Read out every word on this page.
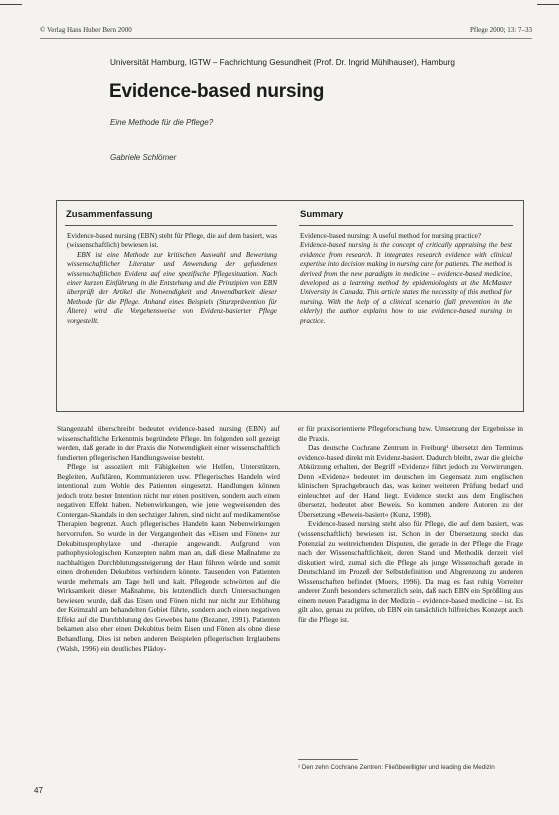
© Verlag Hans Huber Bern 2000	Pflege 2000; 13: 7–33
Universität Hamburg, IGTW – Fachrichtung Gesundheit (Prof. Dr. Ingrid Mühlhauser), Hamburg
Evidence-based nursing
Eine Methode für die Pflege?
Gabriele Schlömer
Zusammenfassung

Evidence-based nursing (EBN) steht für Pflege, die auf dem basiert, was (wissenschaftlich) bewiesen ist.

EBN ist eine Methode zur kritischen Auswahl und Bewertung wissenschaftlicher Literatur und Anwendung der gefundenen wissenschaftlichen Evidenz auf eine spezifische Pflegesituation. Nach einer kurzen Einführung in die Entstehung und die Prinzipien von EBN überprüft der Artikel die Notwendigkeit und Anwendbarkeit dieser Methode für die Pflege. Anhand eines Beispiels (Sturzprävention für Ältere) wird die Vorgehensweise von Evidenz-basierter Pflege vorgestellt.

Summary

Evidence-based nursing: A useful method for nursing practice?

Evidence-based nursing is the concept of critically appraising the best evidence from research. It integrates research evidence with clinical expertise into decision making in nursing care for patients. The method is derived from the new paradigm in medicine – evidence-based medicine, developed as a learning method by epidemiologists at the McMaster University in Canada. This article states the necessity of this method for nursing. With the help of a clinical scenario (fall prevention in the elderly) the author explains how to use evidence-based nursing in practice.

Stangenzahl überschreibt bedeutet evidence-based nursing (EBN) auf wissenschaftliche Erkenntnis begründete Pflege. Im folgenden soll gezeigt werden, daß gerade in der Praxis die Notwendigkeit einer wissenschaftlich fundierten pflegerischen Handlungsweise besteht.

Pflege ist assoziiert mit Fähigkeiten wie Helfen, Unterstützen, Begleiten, Aufklären, Kommunizieren usw. Pflegerisches Handeln wird intentional zum Wohle des Patienten eingesetzt. Handlungen können jedoch trotz bester Intention nicht nur einen positiven, sondern auch einen negativen Effekt haben. Nebenwirkungen, wie jene wegweisenden des Contergan-Skandals in den sechziger Jahren, sind nicht auf medikamentöse Therapien begrenzt. Auch pflegerisches Handeln kann Nebenwirkungen hervorrufen. So wurde in der Vergangenheit das »Eisen und Fönen« zur Dekubitusprophylaxe und -therapie angewandt. Aufgrund von pathophysiologischen Konzepten nahm man an, daß diese Maßnahme zu nachhaltigen Durchblutungssteigerung der Haut führen würde und somit einen drohenden Dekubitus verhindern könnte. Tausenden von Patienten wurde mehrmals am Tage hell und kalt. Pflegende schwörten auf die Wirksamkeit dieser Maßnahme, bis letztendlich durch Untersuchungen bewiesen wurde, daß das Eisen und Fönen nicht nur nicht zur Erhöhung der Keimzahl am behandelten Gebiet führte, sondern auch einen negativen Effekt auf die Durchblutung des Gewebes hatte (Bezaner, 1991). Patienten bekamen also eher einen Dekubitus beim Eisen und Fönen als ohne diese Behandlung. Dies ist neben anderen Beispielen pflegerischen Irrglaubens (Walsh, 1996) ein deutliches Plädoy-

er für praxisorientierte Pflegeforschung bzw. Umsetzung der Ergebnisse in die Praxis.

Das deutsche Cochrane Zentrum in Freiburg¹ übersetzt den Terminus evidence-based direkt mit Evidenz-basiert. Dadurch bleibt, zwar die gleiche Abkürzung erhalten, der Begriff »Evidenz« führt jedoch zu Verwirrungen. Denn »Evidenz« bedeutet im deutschen im Gegensatz zum englischen klinischen Sprachgebrauch das, was keiner weiteren Prüfung bedarf und einleuchtet auf der Hand liegt. Evidence steckt aus dem Englischen übersetzt, bedeutet aber Beweis. So kommen andere Autoren zu der Übersetzung »Beweis-basiert« (Kunz, 1998).

Evidence-based nursing steht also für Pflege, die auf dem basiert, was (wissenschaftlich) bewiesen ist. Schon in der Übersetzung steckt das Potenzial zu weitreichenden Disputen, die gerade in der Pflege die Frage nach der Wissenschaftlichkeit, deren Stand und Methodik derzeit viel diskutiert wird, zumal sich die Pflege als junge Wissenschaft gerade in Deutschland im Prozeß der Selbstdefinition und Abgrenzung zu anderen Wissenschaften befindet (Moers, 1996). Da mag es fast ruhig Vorreiter anderer Zunft besonders schmerzlich sein, daß nach EBN ein Sprößling aus einem neuen Paradigma in der Medizin – evidence-based medicine – ist. Es gilt also, genau zu prüfen, ob EBN ein tatsächlich hilfreiches Konzept auch für die Pflege ist.

¹ Den zehn Cochrane Zentren: Fließbewilligter und leading die Medizin
47
